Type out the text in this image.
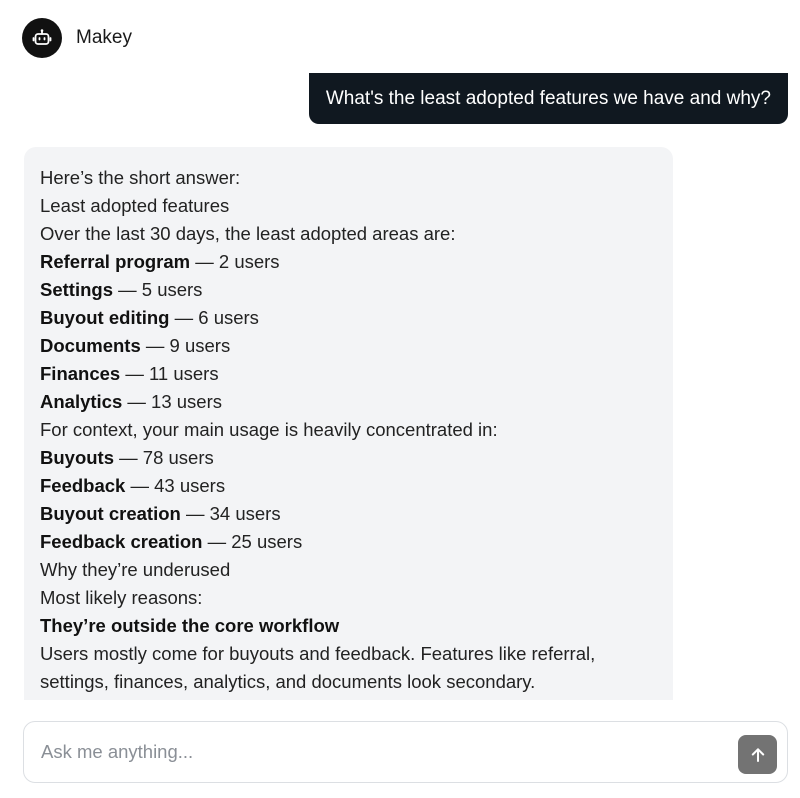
Makey
What's the least adopted features we have and why?
Here’s the short answer:
Least adopted features
Over the last 30 days, the least adopted areas are:
Referral program — 2 users
Settings — 5 users
Buyout editing — 6 users
Documents — 9 users
Finances — 11 users
Analytics — 13 users
For context, your main usage is heavily concentrated in:
Buyouts — 78 users
Feedback — 43 users
Buyout creation — 34 users
Feedback creation — 25 users
Why they’re underused
Most likely reasons:
They’re outside the core workflow
Users mostly come for buyouts and feedback. Features like referral, settings, finances, analytics, and documents look secondary.
Ask me anything...
